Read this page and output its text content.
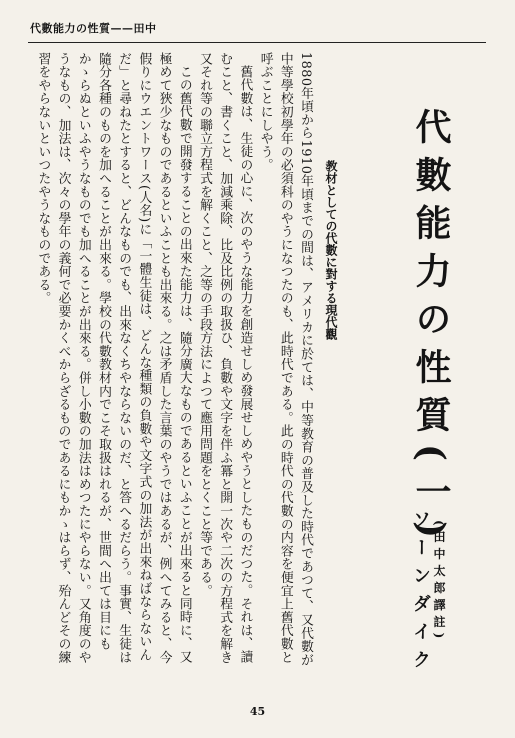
代數能力の性質——田中
代數能力の性質(一)
ソーンダイク (田中太郎譯註)
教材としての代數に對する現代觀

1880年頃から1910年頃までの間は、アメリカに於ては、中等教育の普及した時代であつて、又代數が中等學校初學年の必須科のやうになつたのも、此時代である。此の時代の代數の内容を便宜上舊代數と呼ぶことにしやう。

舊代數は、生徒の心に、次のやうな能力を創造せしめ發展せしめやうとしたものだつた。それは、讀むこと、書くこと、加減乘除、比及比例の取扱ひ、負數や文字を伴ふ冪と開一次や二次の方程式を解き又それ等の聯立方程式を解くこと、之等の手段方法によつて應用問題をとくこと等である。

この舊代數で開發することの出來た能力は、隨分廣大なものであるといふことが出來ると同時に、又極めて狹少なものであるといふことも出來る。之は矛盾した言葉のやうではあるが、例へてみると、今假りにウエントワース(人名)に「一體生徒は、どんな種類の負數や文字式の加法が出來ねばならないんだ」と尋ねたとすると、どんなものでも、出來なくちやならないのだ、と答へるだらう。事實、生徒は隨分各種のものを加へることが出來る。學校の代數教材内でこそ取扱はれるが、世間へ出ては目にもかゝらぬといふやうなものでも加へることが出來る。併し小數の加法はめつたにやらない。又角度のやうなもの、加法は、次々の學年の義何で必要かくべからざるものであるにもかゝはらず、殆んどその練習をやらないといつたやうなものである。

45
